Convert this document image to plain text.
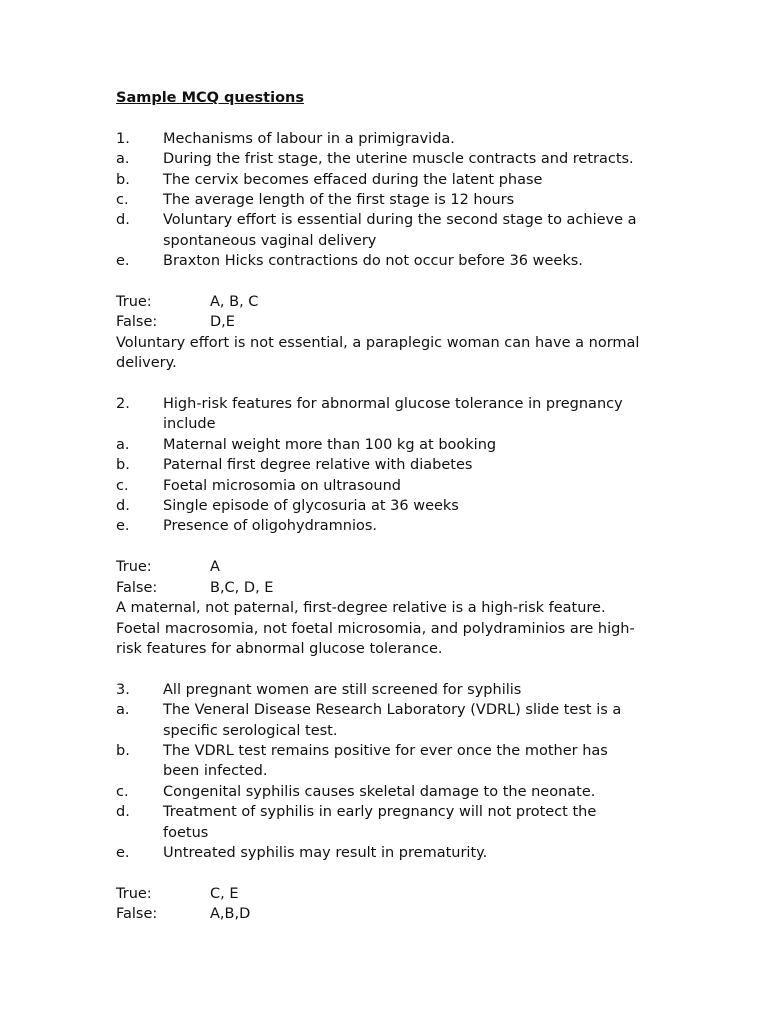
Sample MCQ questions
1.	Mechanisms of labour in a primigravida.
a.	During the frist stage, the uterine muscle contracts and retracts.
b.	The cervix becomes effaced during the latent phase
c.	The average length of the first stage is 12 hours
d.	Voluntary effort is essential during the second stage to achieve a spontaneous vaginal delivery
e.	Braxton Hicks contractions do not occur before 36 weeks.
True:	A, B, C
False:	D,E
Voluntary effort is not essential, a paraplegic woman can have a normal delivery.
2.	High-risk features for abnormal glucose tolerance in pregnancy include
a.	Maternal weight more than 100 kg at booking
b.	Paternal first degree relative with diabetes
c.	Foetal microsomia on ultrasound
d.	Single episode of glycosuria at 36 weeks
e.	Presence of oligohydramnios.
True:	A
False:	B,C, D, E
A maternal, not paternal, first-degree relative is a high-risk feature. Foetal macrosomia, not foetal microsomia, and polydraminios are high-risk features for abnormal glucose tolerance.
3.	All pregnant women are still screened for syphilis
a.	The Veneral Disease Research Laboratory (VDRL) slide test is a specific serological test.
b.	The VDRL test remains positive for ever once the mother has been infected.
c.	Congenital syphilis causes skeletal damage to the neonate.
d.	Treatment of syphilis in early pregnancy will not protect the foetus
e.	Untreated syphilis may result in prematurity.
True:	C, E
False:	A,B,D
